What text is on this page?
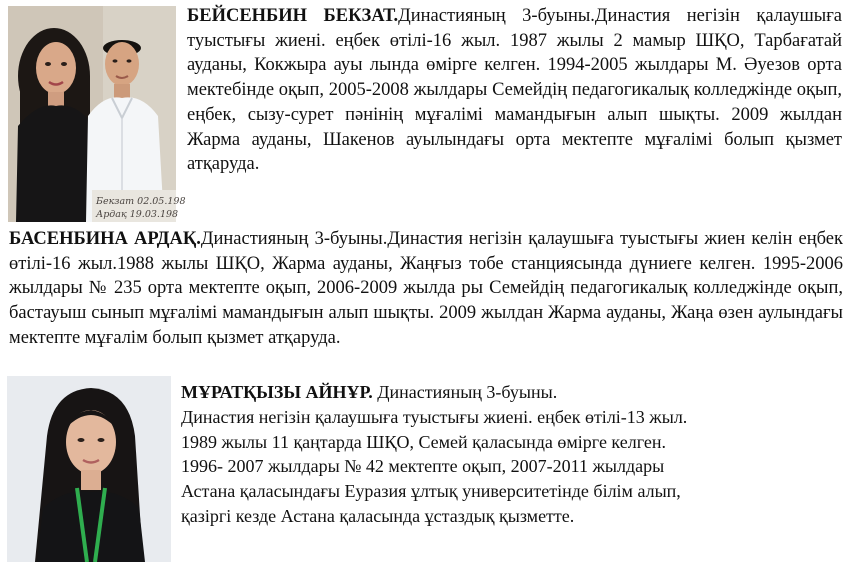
Бекзат 02.05.198
Ардақ 19.03.198
БЕЙСЕНБИН БЕКЗАТ.Династияның 3-буыны.Династия негізін қалаушыға туыстығы жиені. еңбек өтілі-16 жыл. 1987 жылы 2 мамыр ШҚО, Тарбағатай ауданы, Кокжыра ауы лында өмірге келген. 1994-2005 жылдары М. Әуезов орта мектебінде оқып, 2005-2008 жылдары Семейдің педагогикалық колледжінде оқып, еңбек, сызу-сурет пәнінің мұғалімі мамандығын алып шықты. 2009 жылдан Жарма ауданы, Шакенов ауылындағы орта мектепте мұғалімі болып қызмет атқаруда.
БАСЕНБИНА АРДАҚ.Династияның 3-буыны.Династия негізін қалаушыға туыстығы жиен келін еңбек өтілі-16 жыл.1988 жылы ШҚО, Жарма ауданы, Жаңғыз тобе станциясында дүниеге келген. 1995-2006 жылдары № 235 орта мектепте оқып, 2006-2009 жылда ры Семейдің педагогикалық колледжінде оқып, бастауыш сынып мұғалімі мамандығын алып шықты. 2009 жылдан Жарма ауданы, Жаңа өзен аулындағы мектепте мұғалім болып қызмет атқаруда.
МҰРАТҚЫЗЫ АЙНҰР. Династияның 3-буыны.
Династия негізін қалаушыға туыстығы жиені. еңбек өтілі-13 жыл.
1989 жылы 11 қаңтарда ШҚО, Семей қаласында өмірге келген.
1996- 2007 жылдары № 42 мектепте оқып, 2007-2011 жылдары
Астана қаласындағы Еуразия ұлтық университетінде білім алып,
қазіргі кезде Астана қаласында ұстаздық қызметте.
